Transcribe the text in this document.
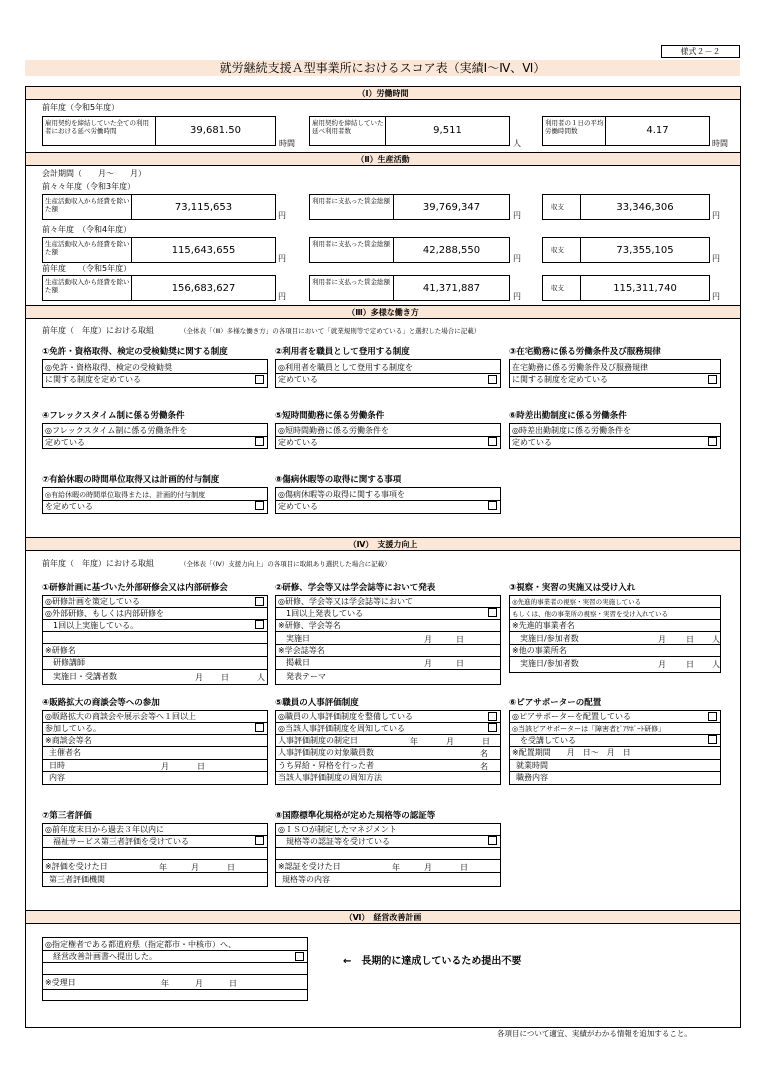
様式２－２
就労継続支援Ａ型事業所におけるスコア表（実績Ⅰ～Ⅳ、Ⅵ）
（Ⅰ）労働時間
前年度（令和5年度）
雇用契約を締結していた全ての利用者における延べ労働時間	39,681.50
時間
雇用契約を締結していた延べ利用者数	9,511
人
利用者の１日の平均労働時間数	4.17
時間
（Ⅱ）生産活動
会計期間（　　月～　　月）
前々々年度（令和3年度）
生産活動収入から経費を除いた額	73,115,653
円
利用者に支払った賃金総額
39,769,347
円
収支	33,346,306
円
前々年度　（令和4年度）
生産活動収入から経費を除いた額	115,643,655
円
利用者に支払った賃金総額
42,288,550
円
収支	73,355,105
円
前年度　　（令和5年度）
生産活動収入から経費を除いた額	156,683,627
円
利用者に支払った賃金総額
41,371,887
円
収支	115,311,740
円
（Ⅲ）多様な働き方
前年度（　年度）における取組	（全体表「（Ⅲ）多様な働き方」の各項目において「就業規則等で定めている」と選択した場合に記載）
①免許・資格取得、検定の受検勧奨に関する制度
◎免許・資格取得、検定の受検勧奨
に関する制度を定めている
②利用者を職員として登用する制度
◎利用者を職員として登用する制度を
定めている
③在宅勤務に係る労働条件及び服務規律
在宅勤務に係る労働条件及び服務規律
に関する制度を定めている
④フレックスタイム制に係る労働条件
◎フレックスタイム制に係る労働条件を
定めている
⑤短時間勤務に係る労働条件
◎短時間勤務に係る労働条件を
定めている
⑥時差出勤制度に係る労働条件
◎時差出勤制度に係る労働条件を
定めている
⑦有給休暇の時間単位取得又は計画的付与制度
◎有給休暇の時間単位取得または、計画的付与制度
を定めている
⑧傷病休暇等の取得に関する事項
◎傷病休暇等の取得に関する事項を
定めている
（Ⅳ）　支援力向上
前年度（　年度）における取組	（全体表「（Ⅳ）支援力向上」の各項目に取組あり選択した場合に記載）
①研修計画に基づいた外部研修会又は内部研修会
◎研修計画を策定している
◎外部研修、もしくは内部研修を
1回以上実施している。
※研修名
研修講師
実施日・受講者数	月 日	人
②研修、学会等又は学会誌等において発表
◎研修、学会等又は学会誌等において
1回以上発表している
※研修、学会等名
実施日	月	日
※学会誌等名
掲載日	月	日
発表テーマ
③視察・実習の実施又は受け入れ
◎先進的事業者の視察・実習の実施している
もしくは、他の事業所の視察・実習を受け入れている
※先進的事業者名
実施日/参加者数	月	日 人
※他の事業所名
実施日/参加者数	月	日 人
④販路拡大の商談会等への参加
◎販路拡大の商談会や展示会等へ１回以上
参加している。
※商談会等名
主催者名
日時	月	日
内容
⑤職員の人事評価制度
◎職員の人事評価制度を整備している
◎当該人事評価制度を周知している
人事評価制度の制定日	年	月	日
人事評価制度の対象職員数	名
うち昇給・昇格を行った者	名
当該人事評価制度の周知方法
⑥ピアサポーターの配置
◎ピアサポーターを配置している
◎当該ピアサポーターは「障害者ﾋﾟｱｻﾎﾟｰﾄ研修」
を受講している
※配置期間　　月　日～　月　日
就業時間
職務内容
⑦第三者評価
◎前年度末日から過去３年以内に
福祉サービス第三者評価を受けている
※評価を受けた日	年	月	日
第三者評価機関
⑧国際標準化規格が定めた規格等の認証等
◎ＩＳＯが制定したマネジメント
規格等の認証等を受けている
※認証を受けた日	年	月	日
規格等の内容
（Ⅵ）　経営改善計画
◎指定権者である都道府県（指定都市・中核市）へ、
経営改善計画書へ提出した。
※受理日	年	月	日
←　長期的に達成しているため提出不要
各項目について適宜、実績がわかる情報を追加すること。
